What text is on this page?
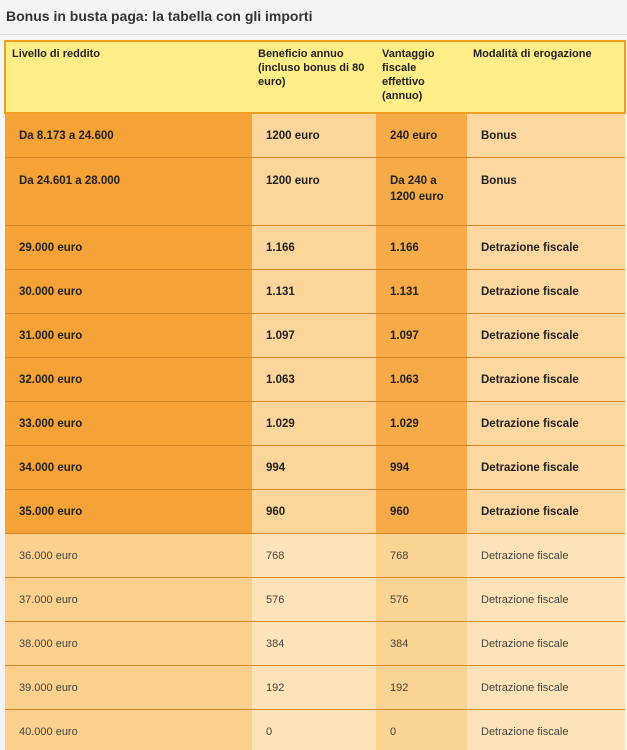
Bonus in busta paga: la tabella con gli importi
Livello di reddito	Beneficio annuo (incluso bonus di 80 euro)	Vantaggio fiscale effettivo (annuo)	Modalità di erogazione
Da 8.173 a 24.600	1200 euro	240 euro	Bonus
Da 24.601 a 28.000	1200 euro	Da 240 a 1200 euro	Bonus
29.000 euro	1.166	1.166	Detrazione fiscale
30.000 euro	1.131	1.131	Detrazione fiscale
31.000 euro	1.097	1.097	Detrazione fiscale
32.000 euro	1.063	1.063	Detrazione fiscale
33.000 euro	1.029	1.029	Detrazione fiscale
34.000 euro	994	994	Detrazione fiscale
35.000 euro	960	960	Detrazione fiscale
36.000 euro	768	768	Detrazione fiscale
37.000 euro	576	576	Detrazione fiscale
38.000 euro	384	384	Detrazione fiscale
39.000 euro	192	192	Detrazione fiscale
40.000 euro	0	0	Detrazione fiscale
